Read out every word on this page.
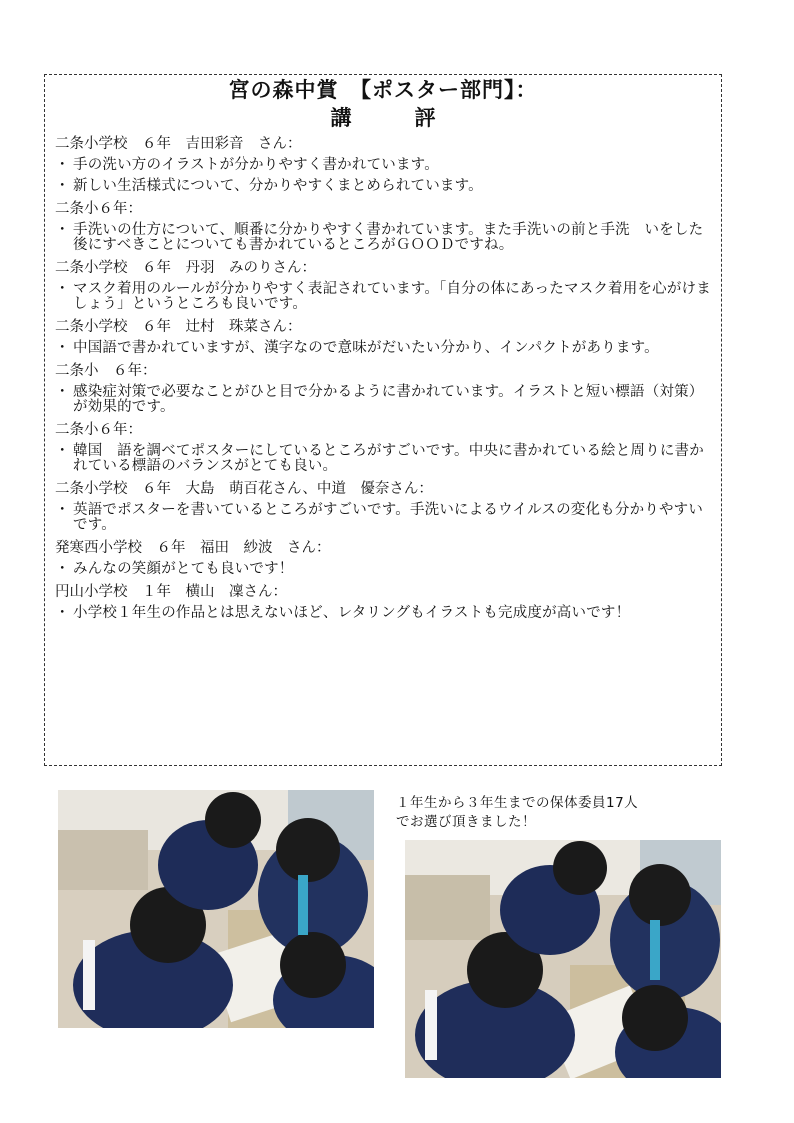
宮の森中賞　【ポスター部門】：
講　　　評
二条小学校　６年　吉田彩音　さん：
・ 手の洗い方のイラストが分かりやすく書かれています。
・ 新しい生活様式について、分かりやすくまとめられています。
二条小６年：
・ 手洗いの仕方について、順番に分かりやすく書かれています。また手洗いの前と手洗　いをした後にすべきことについても書かれているところがＧＯＯＤですね。
二条小学校　６年　丹羽　みのりさん：
・ マスク着用のルールが分かりやすく表記されています。「自分の体にあったマスク着用を心がけましょう」というところも良いです。
二条小学校　６年　辻村　珠菜さん：
・ 中国語で書かれていますが、漢字なので意味がだいたい分かり、インパクトがあります。
二条小　６年：
・ 感染症対策で必要なことがひと目で分かるように書かれています。イラストと短い標語（対策）が効果的です。
二条小６年：
・ 韓国　語を調べてポスターにしているところがすごいです。中央に書かれている絵と周りに書かれている標語のバランスがとても良い。
二条小学校　６年　大島　萌百花さん、中道　優奈さん：
・ 英語でポスターを書いているところがすごいです。手洗いによるウイルスの変化も分かりやすいです。
発寒西小学校　６年　福田　紗波　さん：
・ みんなの笑顔がとても良いです！
円山小学校　１年　横山　凜さん：
・ 小学校１年生の作品とは思えないほど、レタリングもイラストも完成度が高いです！
１年生から３年生までの保体委員17人
でお選び頂きました！
